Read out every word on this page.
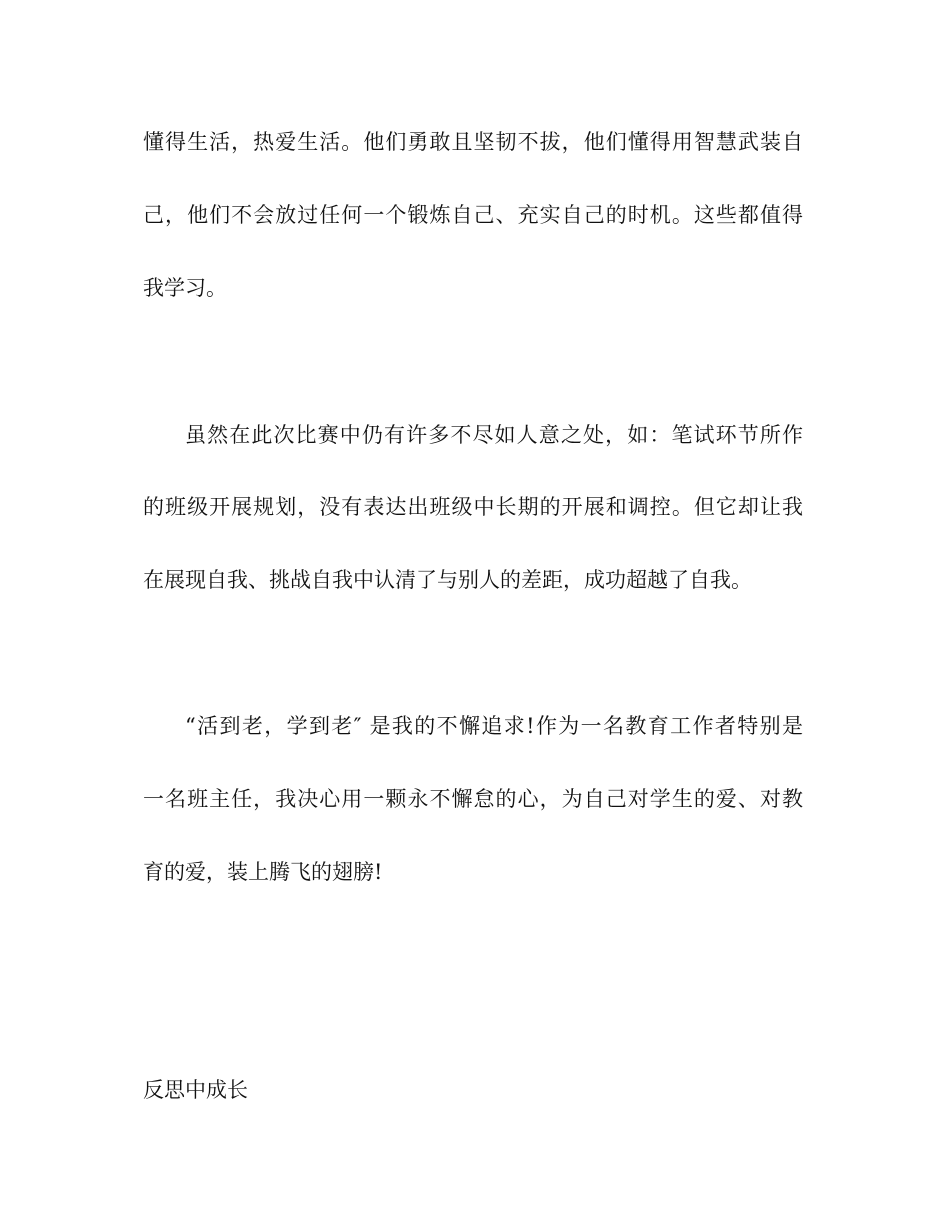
懂得生活，热爱生活。他们勇敢且坚韧不拔，他们懂得用智慧武装自

己，他们不会放过任何一个锻炼自己、充实自己的时机。这些都值得

我学习。

虽然在此次比赛中仍有许多不尽如人意之处，如：笔试环节所作

的班级开展规划，没有表达出班级中长期的开展和调控。但它却让我

在展现自我、挑战自我中认清了与别人的差距，成功超越了自我。

“活到老，学到老″ 是我的不懈追求!作为一名教育工作者特别是

一名班主任，我决心用一颗永不懈怠的心，为自己对学生的爱、对教

育的爱，装上腾飞的翅膀!

反思中成长
